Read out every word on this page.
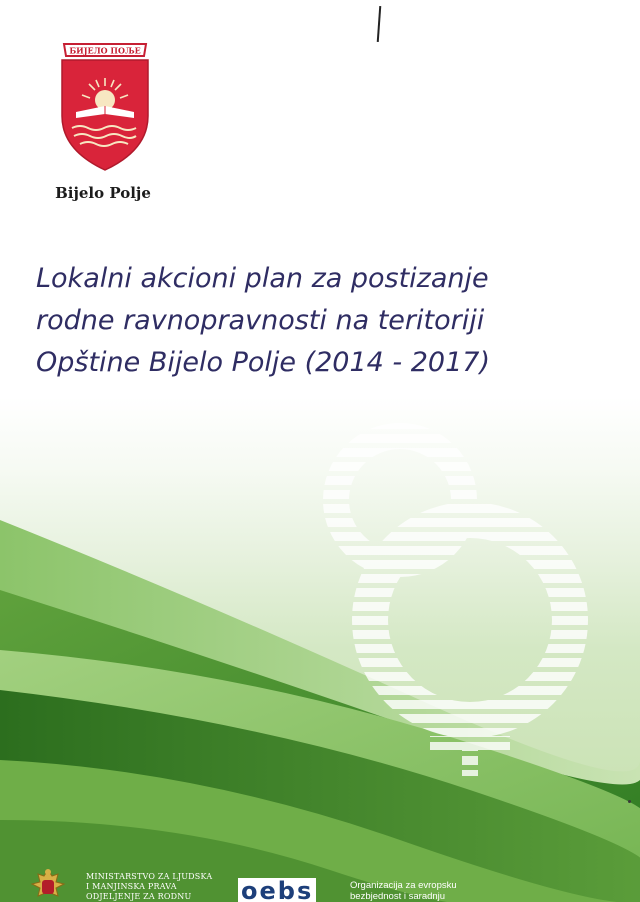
БИЈЕЛО ПОЉЕ
Bijelo Polje
Lokalni akcioni plan za postizanje
rodne ravnopravnosti na teritoriji
Opštine Bijelo Polje (2014 - 2017)
MINISTARSTVO ZA LJUDSKA
I MANJINSKA PRAVA
ODJELJENJE ZA RODNU	oebs	Organizacija za evropsku
bezbjednost i saradnju
